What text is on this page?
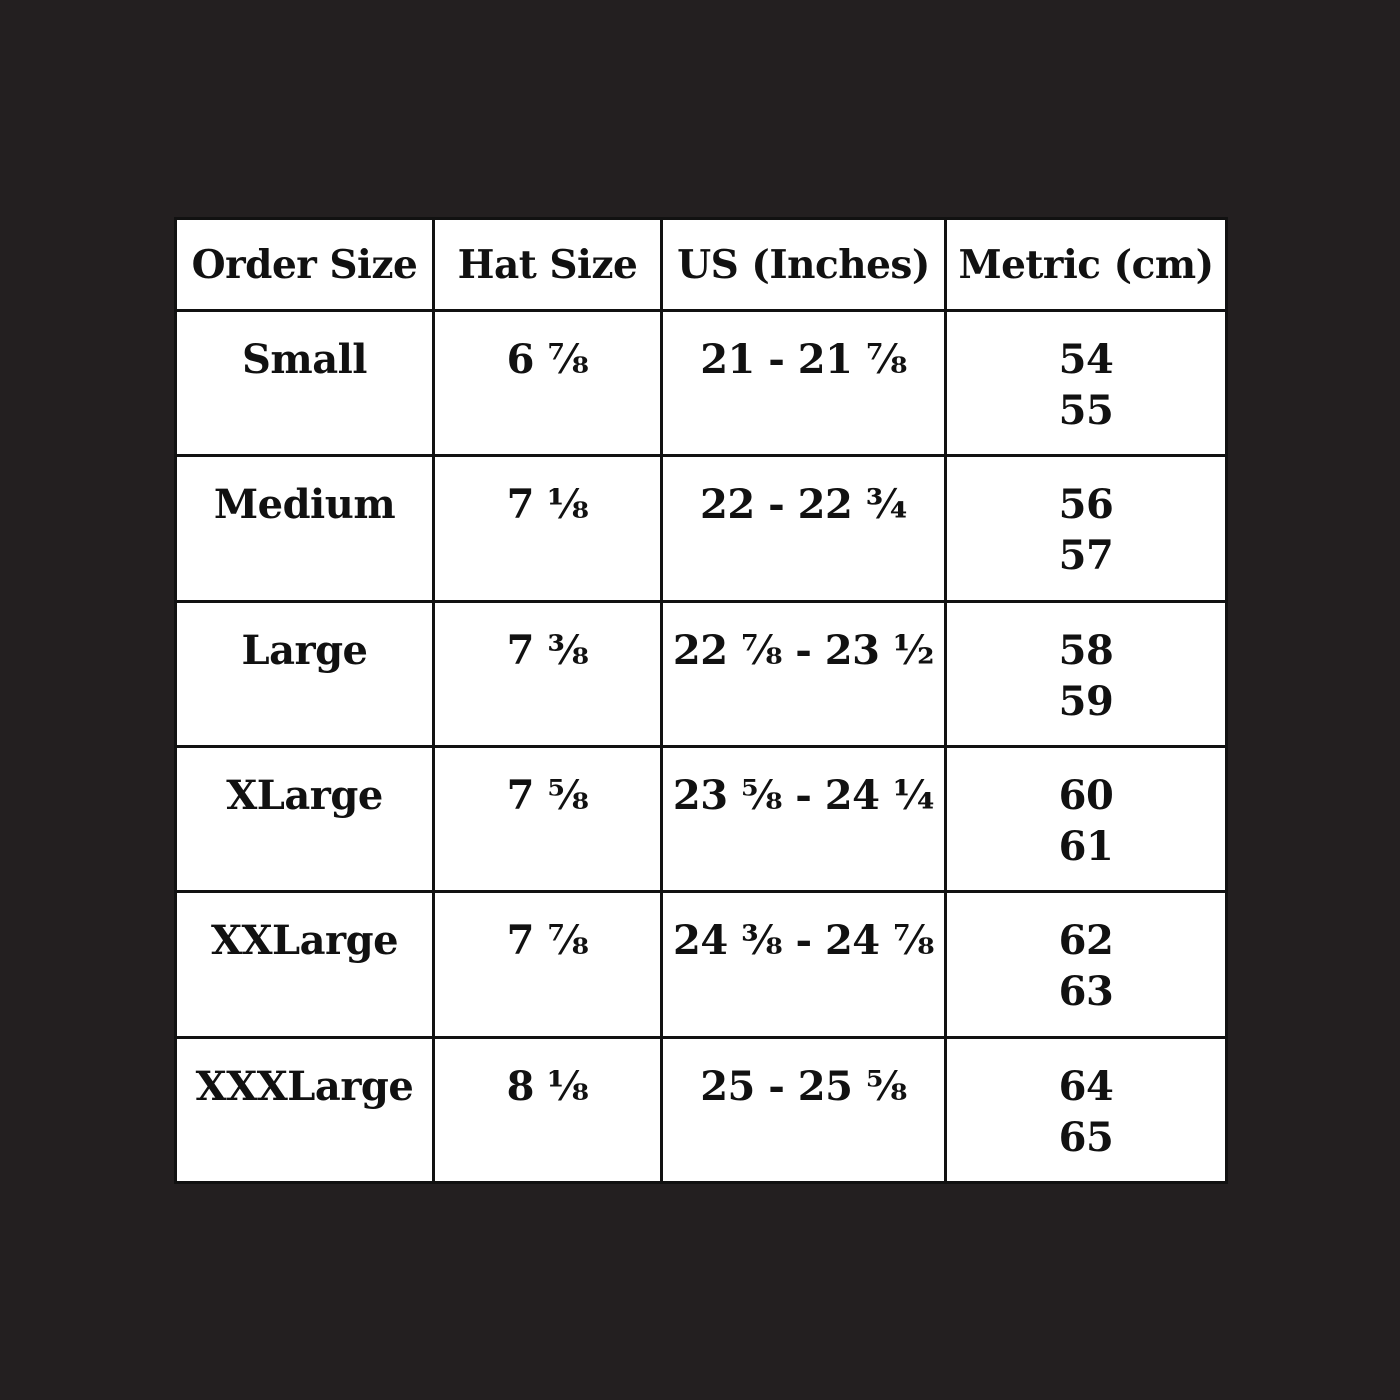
Order Size	Hat Size	US (Inches)	Metric (cm)
Small	6 ⅞	21 - 21 ⅞	54
55

Medium	7 ⅛	22 - 22 ¾	56
57

Large	7 ⅜	22 ⅞ - 23 ½	58
59

XLarge	7 ⅝	23 ⅝ - 24 ¼	60
61

XXLarge	7 ⅞	24 ⅜ - 24 ⅞	62
63

XXXLarge	8 ⅛	25 - 25 ⅝	64
65
